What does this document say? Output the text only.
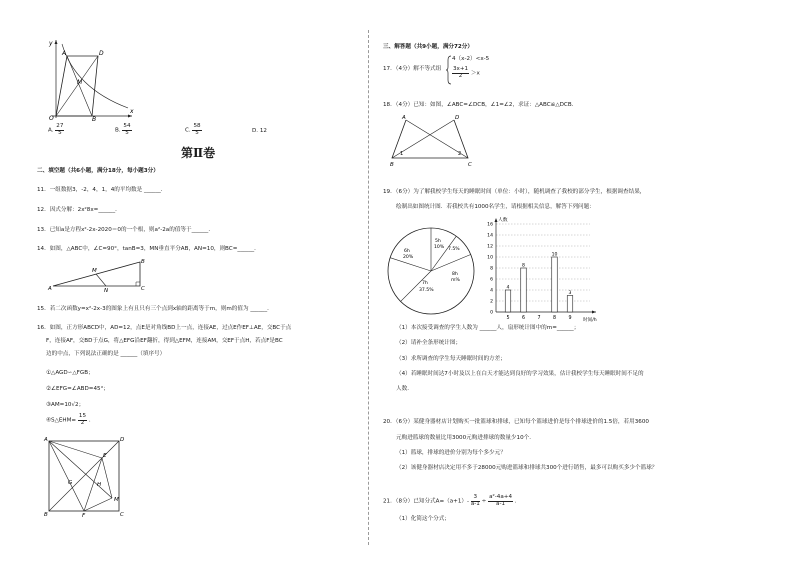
y
A	D
M
O	B
x
A. $\frac{27}{5}$	B. $\frac{54}{5}$	C. $\frac{58}{5}$	D. 12
第Ⅱ卷
二、填空题（共6小题，满分18分，每小题3分）
11．一组数据3，-2，4，1，4的平均数是 ______．
12．因式分解：2x²8x=______．
13．已知a是方程x²-2x-2020＝0的一个根，则a²-2a的值等于______．
14．如图，△ABC中，∠C=90°，tanB=3，MN垂直平分AB，AN=10，则BC=______．
A
B
C
M
N
15．若二次函数y=x²-2x-3的图象上有且只有三个点到x轴的距离等于m，则m的值为 ______．
16．如图，正方形ABCD中，AD=12，点E是对角线BD上一点，连接AE，过点E作EF⊥AE，交BC于点
F，连接AF，交BD于点G，将△EFG沿EF翻折，得到△EFM，连接AM，交EF于点H，若点F是BC
边的中点，下列说法正确的是 ______（填序号）
①△AGD∽△FGB；
②∠EFG=∠ABD=45°；
③AM=10√2；
④S△EHM= $\frac{15}{2}$ ．
A	D
E
G	H
M
B	F	C
三、解答题（共9小题，满分72分）
17．（4分）解不等式组
4（x-2）<x-5
$\frac{3x+1}{2} >x$
18．（4分）已知：如图，∠ABC=∠DCB，∠1=∠2，求证：△ABC≌△DCB．
A	D
1	2
B	C
19．（6分）为了解我校学生每天的睡眠时间（单位：小时），随机调查了我校的部分学生，根据调查结果，
绘制出如图统计图．若我校共有1000名学生，请根据相关信息，解答下列问题：
5h
10% 7.5%
8h
m%
7h
37.5%
6h
20%
0
2
4
6
8
10
12
14
16
人数
时间/h
5
4
6
8
7	8
10
9
3
（1）本次接受调查的学生人数为 ______人，扇形统计图中的m=______；
（2）请补全条形统计图；
（3）求所调查的学生每天睡眠时间的方差；
（4）若睡眠时间达7小时及以上在白天才能达到良好的学习效果，估计我校学生每天睡眠时间不足的
人数．
20．（6分）某健身器材店计划购买一批篮球和排球，已知每个篮球进价是每个排球进价的1.5倍，若用3600
元购进篮球的数量比用3000元购进排球的数量少10个．
（1）篮球，排球的进价分别为每个多少元？
（2）该健身器材店决定用不多于28000元购进篮球和排球共300个进行销售，最多可以购买多少个篮球？
21．（8分）已知分式$A=(a+1)- \frac{3}{a-1} \div \frac{\text{a²-4a+4}}{a-1}$ ．
（1）化简这个分式；
